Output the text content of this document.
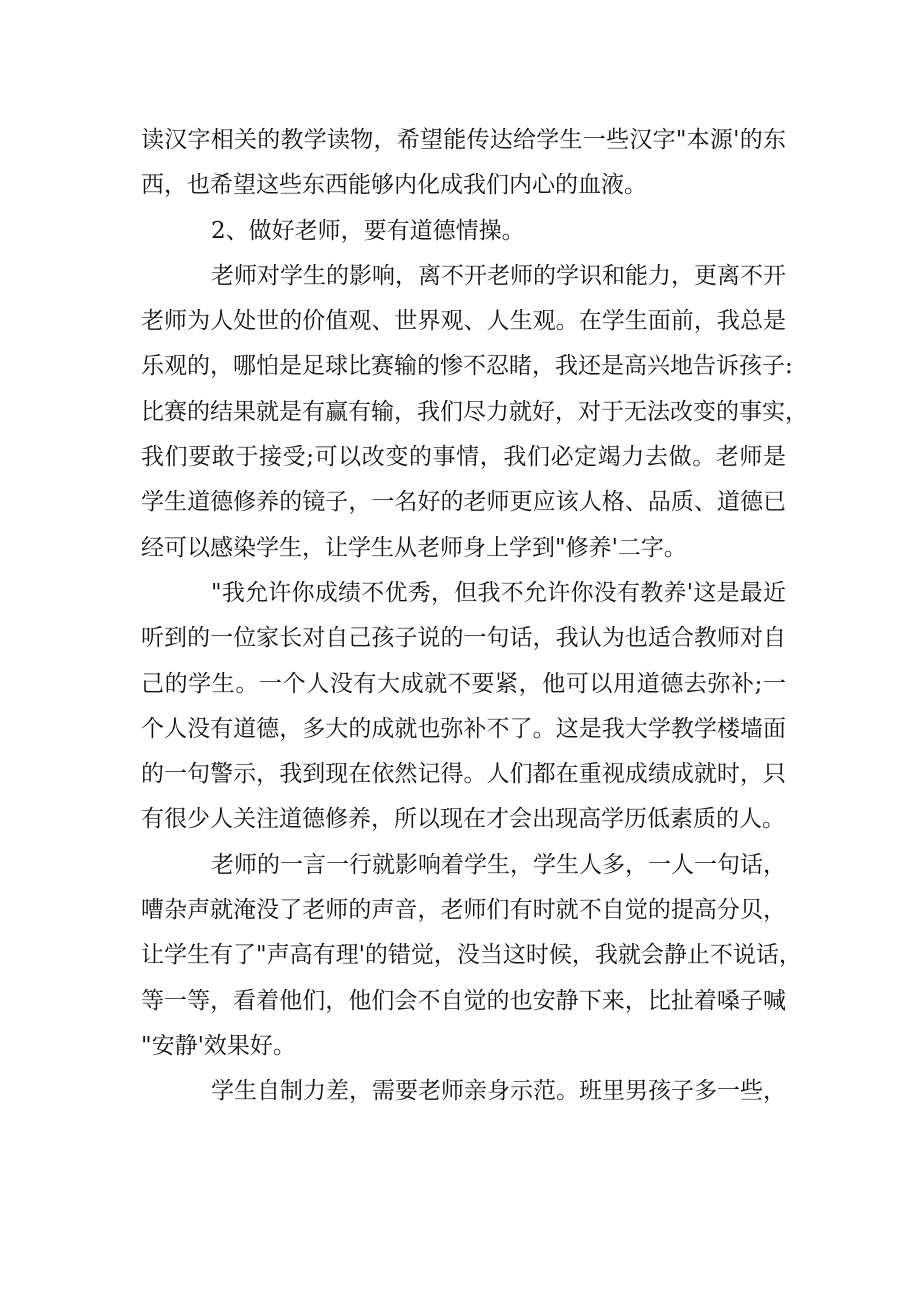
读汉字相关的教学读物，希望能传达给学生一些汉字"本源'的东
西，也希望这些东西能够内化成我们内心的血液。
2、做好老师，要有道德情操。
老师对学生的影响，离不开老师的学识和能力，更离不开
老师为人处世的价值观、世界观、人生观。在学生面前，我总是
乐观的，哪怕是足球比赛输的惨不忍睹，我还是高兴地告诉孩子:
比赛的结果就是有赢有输，我们尽力就好，对于无法改变的事实，
我们要敢于接受;可以改变的事情，我们必定竭力去做。老师是
学生道德修养的镜子，一名好的老师更应该人格、品质、道德已
经可以感染学生，让学生从老师身上学到"修养'二字。
"我允许你成绩不优秀，但我不允许你没有教养'这是最近
听到的一位家长对自己孩子说的一句话，我认为也适合教师对自
己的学生。一个人没有大成就不要紧，他可以用道德去弥补;一
个人没有道德，多大的成就也弥补不了。这是我大学教学楼墙面
的一句警示，我到现在依然记得。人们都在重视成绩成就时，只
有很少人关注道德修养，所以现在才会出现高学历低素质的人。
老师的一言一行就影响着学生，学生人多，一人一句话，
嘈杂声就淹没了老师的声音，老师们有时就不自觉的提高分贝，
让学生有了"声高有理'的错觉，没当这时候，我就会静止不说话，
等一等，看着他们，他们会不自觉的也安静下来，比扯着嗓子喊
"安静'效果好。
学生自制力差，需要老师亲身示范。班里男孩子多一些，
